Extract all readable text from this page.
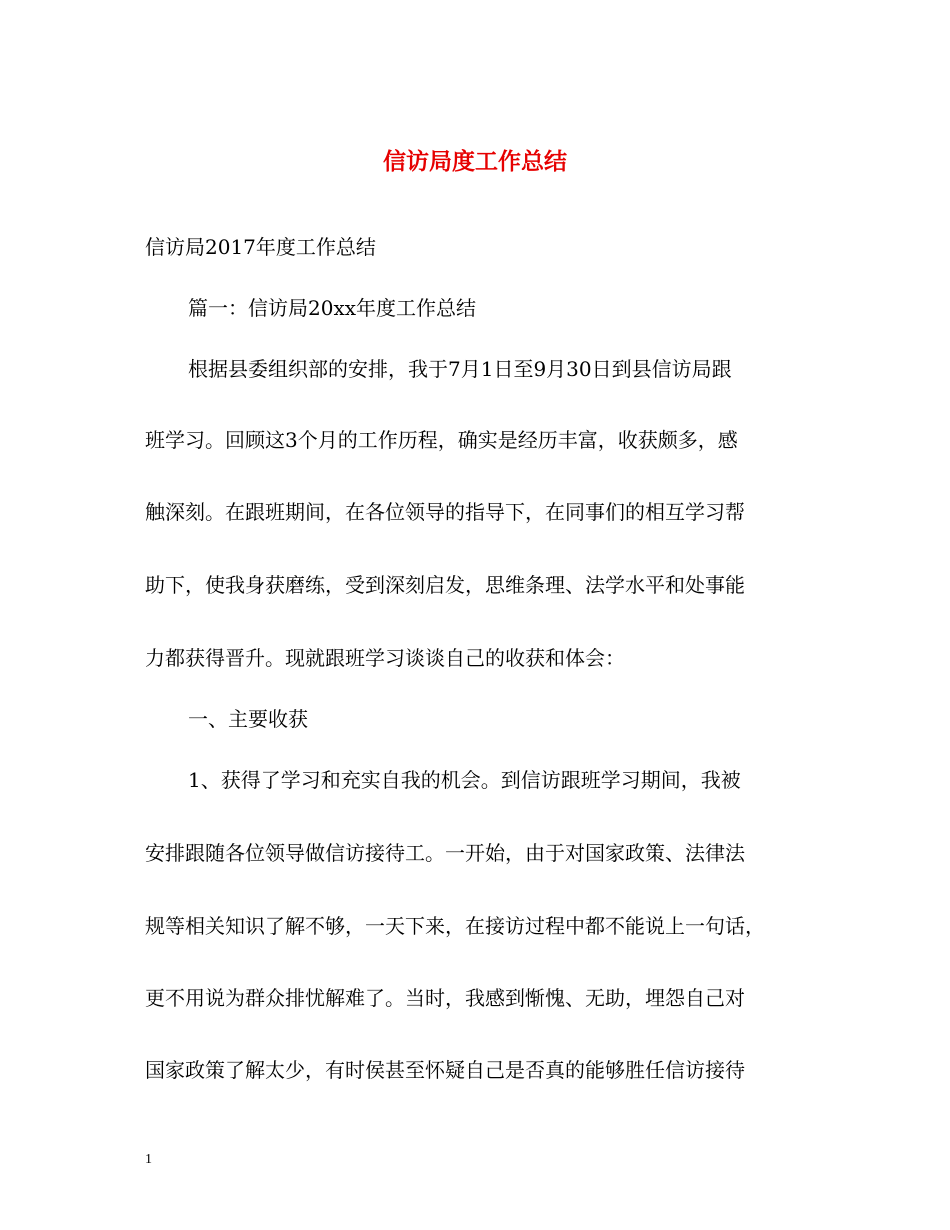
信访局度工作总结

信访局2017年度工作总结

篇一：信访局20xx年度工作总结

根据县委组织部的安排，我于7月1日至9月30日到县信访局跟

班学习。回顾这3个月的工作历程，确实是经历丰富，收获颇多，感

触深刻。在跟班期间，在各位领导的指导下，在同事们的相互学习帮

助下，使我身获磨练，受到深刻启发，思维条理、法学水平和处事能

力都获得晋升。现就跟班学习谈谈自己的收获和体会：

一、主要收获

1、获得了学习和充实自我的机会。到信访跟班学习期间，我被

安排跟随各位领导做信访接待工。一开始，由于对国家政策、法律法

规等相关知识了解不够，一天下来，在接访过程中都不能说上一句话，

更不用说为群众排忧解难了。当时，我感到惭愧、无助，埋怨自己对

国家政策了解太少，有时侯甚至怀疑自己是否真的能够胜任信访接待

1
